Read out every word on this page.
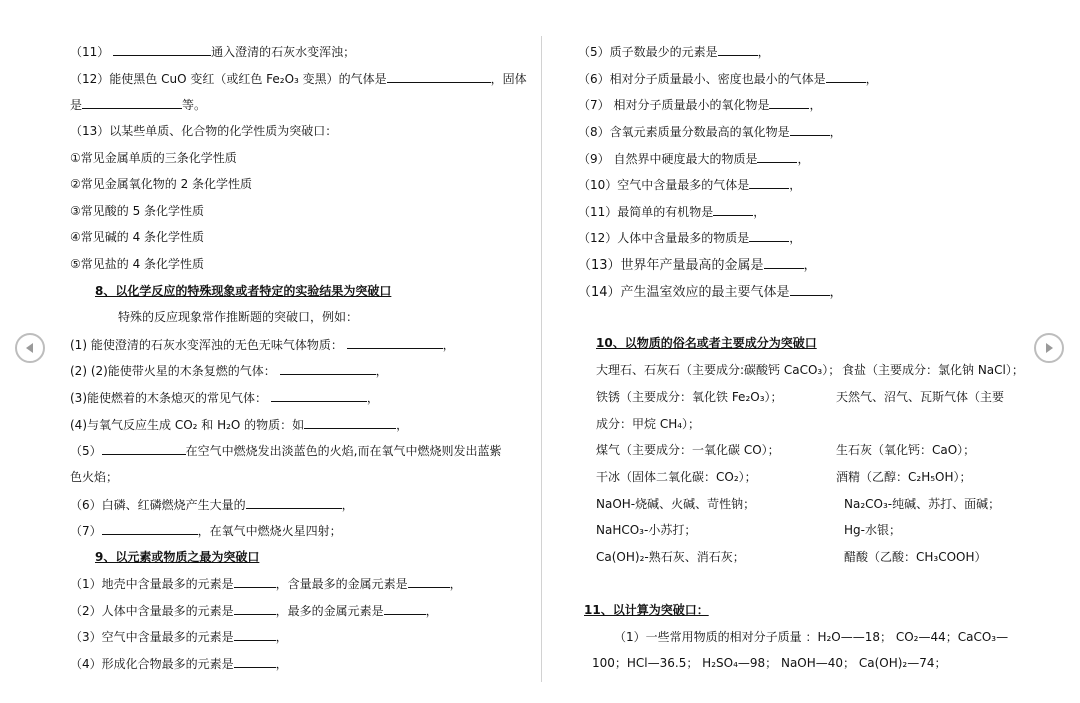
（11）	通入澄清的石灰水变浑浊；
（12）能使黑色 CuO 变红（或红色 Fe₂O₃ 变黑）的气体是	，固体
是	等。
（13）以某些单质、化合物的化学性质为突破口：
①常见金属单质的三条化学性质
②常见金属氧化物的 2 条化学性质
③常见酸的 5 条化学性质
④常见碱的 4 条化学性质
⑤常见盐的 4 条化学性质
8、以化学反应的特殊现象或者特定的实验结果为突破口
特殊的反应现象常作推断题的突破口，例如：
(1) 能使澄清的石灰水变浑浊的无色无味气体物质：	，
(2) (2)能使带火星的木条复燃的气体：	，
(3)能使燃着的木条熄灭的常见气体：	，
(4)与氧气反应生成 CO₂ 和 H₂O 的物质：如	，
（5）	在空气中燃烧发出淡蓝色的火焰,而在氧气中燃烧则发出蓝紫
色火焰；
（6）白磷、红磷燃烧产生大量的	，
（7）	，在氧气中燃烧火星四射；
9、以元素或物质之最为突破口
（1）地壳中含量最多的元素是	，含量最多的金属元素是	，
（2）人体中含量最多的元素是	，最多的金属元素是	，
（3）空气中含量最多的元素是	，
（4）形成化合物最多的元素是	，
（5）质子数最少的元素是	，
（6）相对分子质量最小、密度也最小的气体是	，
（7） 相对分子质量最小的氧化物是	，
（8）含氧元素质量分数最高的氧化物是	，
（9） 自然界中硬度最大的物质是	，
（10）空气中含量最多的气体是	，
（11）最简单的有机物是	，
（12）人体中含量最多的物质是	，
（13）世界年产量最高的金属是	，
（14）产生温室效应的最主要气体是	，
10、以物质的俗名或者主要成分为突破口
大理石、石灰石（主要成分:碳酸钙 CaCO₃）； 食盐（主要成分：氯化钠 NaCl）；
铁锈（主要成分：氧化铁 Fe₂O₃）；	天然气、沼气、瓦斯气体（主要
成分：甲烷 CH₄）；
煤气（主要成分：一氧化碳 CO）；	生石灰（氧化钙：CaO）；
干冰（固体二氧化碳：CO₂）；	酒精（乙醇：C₂H₅OH）；
NaOH-烧碱、火碱、苛性钠；	Na₂CO₃-纯碱、苏打、面碱；
NaHCO₃-小苏打；	Hg-水银；
Ca(OH)₂-熟石灰、消石灰；	醋酸（乙酸：CH₃COOH）
11、以计算为突破口：
（1）一些常用物质的相对分子质量 ：H₂O——18； CO₂—44；CaCO₃—
100；HCl—36.5； H₂SO₄—98； NaOH—40； Ca(OH)₂—74；
